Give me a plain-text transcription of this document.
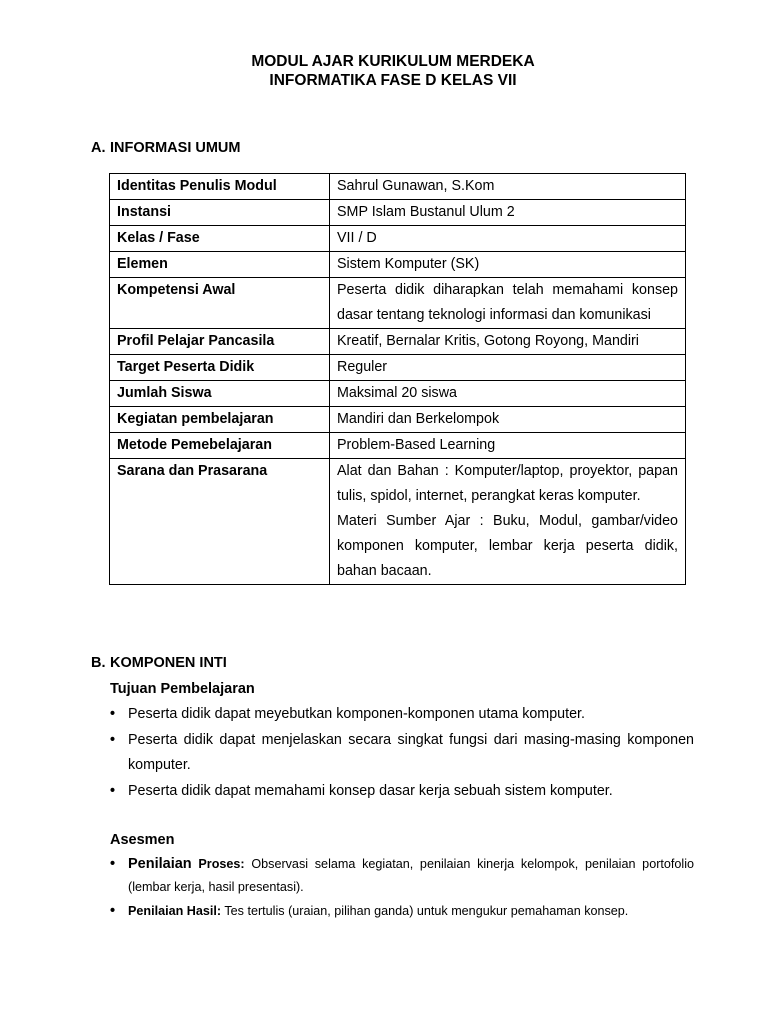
MODUL AJAR KURIKULUM MERDEKA
INFORMATIKA FASE D KELAS VII
A. INFORMASI UMUM
Identitas Penulis Modul	Sahrul Gunawan, S.Kom

Instansi	SMP Islam Bustanul Ulum 2

Kelas / Fase	VII / D

Elemen	Sistem Komputer (SK)

Kompetensi Awal	Peserta didik diharapkan telah memahami konsep dasar tentang teknologi informasi dan komunikasi

Profil Pelajar Pancasila	Kreatif, Bernalar Kritis, Gotong Royong, Mandiri

Target Peserta Didik	Reguler

Jumlah Siswa	Maksimal 20 siswa

Kegiatan pembelajaran	Mandiri dan Berkelompok

Metode Pemebelajaran	Problem-Based Learning

Sarana dan Prasarana	Alat dan Bahan : Komputer/laptop, proyektor, papan tulis, spidol, internet, perangkat keras komputer.
Materi Sumber Ajar : Buku, Modul, gambar/video komponen komputer, lembar kerja peserta didik, bahan bacaan.
B. KOMPONEN INTI
Tujuan Pembelajaran
• Peserta didik dapat meyebutkan komponen-komponen utama komputer.
• Peserta didik dapat menjelaskan secara singkat fungsi dari masing-masing komponen komputer.
• Peserta didik dapat memahami konsep dasar kerja sebuah sistem komputer.
Asesmen
• Penilaian Proses: Observasi selama kegiatan, penilaian kinerja kelompok, penilaian portofolio (lembar kerja, hasil presentasi).
• Penilaian Hasil: Tes tertulis (uraian, pilihan ganda) untuk mengukur pemahaman konsep.
